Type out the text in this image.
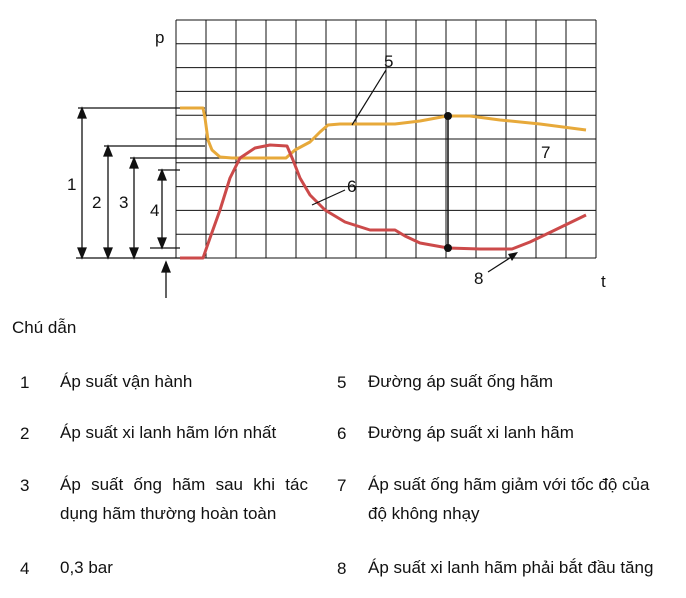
p
t
1
2 3 4
5
6
7
8
Chú dẫn
1 Áp suất vận hành
2 Áp suất xi lanh hãm lớn nhất
3 Áp suất ống hãm sau khi tác dụng hãm thường hoàn toàn
4 0,3 bar
5 Đường áp suất ống hãm
6 Đường áp suất xi lanh hãm
7 Áp suất ống hãm giảm với tốc độ của độ không nhạy
8 Áp suất xi lanh hãm phải bắt đầu tăng
